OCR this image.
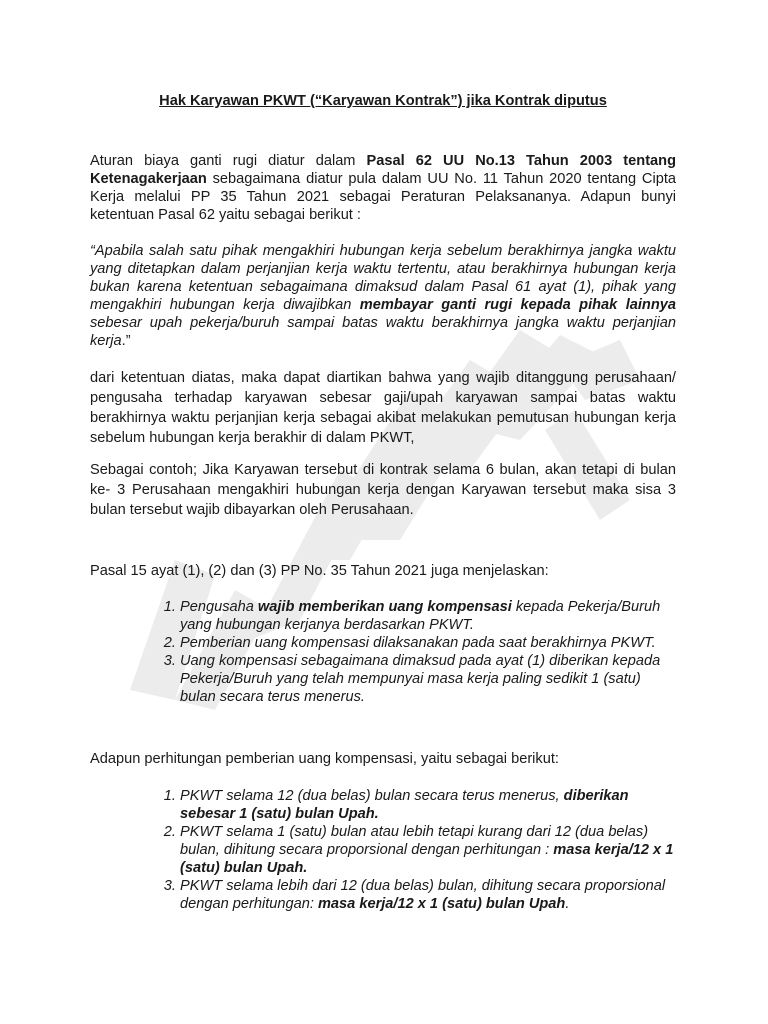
Hak Karyawan PKWT (“Karyawan Kontrak”) jika Kontrak diputus

Aturan biaya ganti rugi diatur dalam Pasal 62 UU No.13 Tahun 2003 tentang Ketenagakerjaan sebagaimana diatur pula dalam UU No. 11 Tahun 2020 tentang Cipta Kerja melalui PP 35 Tahun 2021 sebagai Peraturan Pelaksananya. Adapun bunyi ketentuan Pasal 62 yaitu sebagai berikut :

“Apabila salah satu pihak mengakhiri hubungan kerja sebelum berakhirnya jangka waktu yang ditetapkan dalam perjanjian kerja waktu tertentu, atau berakhirnya hubungan kerja bukan karena ketentuan sebagaimana dimaksud dalam Pasal 61 ayat (1), pihak yang mengakhiri hubungan kerja diwajibkan membayar ganti rugi kepada pihak lainnya sebesar upah pekerja/buruh sampai batas waktu berakhirnya jangka waktu perjanjian kerja.”

dari ketentuan diatas, maka dapat diartikan bahwa yang wajib ditanggung perusahaan/ pengusaha terhadap karyawan sebesar gaji/upah karyawan sampai batas waktu berakhirnya waktu perjanjian kerja sebagai akibat melakukan pemutusan hubungan kerja sebelum hubungan kerja berakhir di dalam PKWT,

Sebagai contoh; Jika Karyawan tersebut di kontrak selama 6 bulan, akan tetapi di bulan ke- 3 Perusahaan mengakhiri hubungan kerja dengan Karyawan tersebut maka sisa 3 bulan tersebut wajib dibayarkan oleh Perusahaan.

Pasal 15 ayat (1), (2) dan (3) PP No. 35 Tahun 2021 juga menjelaskan:

1. Pengusaha wajib memberikan uang kompensasi kepada Pekerja/Buruh yang hubungan kerjanya berdasarkan PKWT.
2. Pemberian uang kompensasi dilaksanakan pada saat berakhirnya PKWT.
3. Uang kompensasi sebagaimana dimaksud pada ayat (1) diberikan kepada Pekerja/Buruh yang telah mempunyai masa kerja paling sedikit 1 (satu) bulan secara terus menerus.

Adapun perhitungan pemberian uang kompensasi, yaitu sebagai berikut:

1. PKWT selama 12 (dua belas) bulan secara terus menerus, diberikan sebesar 1 (satu) bulan Upah.
2. PKWT selama 1 (satu) bulan atau lebih tetapi kurang dari 12 (dua belas) bulan, dihitung secara proporsional dengan perhitungan : masa kerja/12 x 1 (satu) bulan Upah.
3. PKWT selama lebih dari 12 (dua belas) bulan, dihitung secara proporsional dengan perhitungan: masa kerja/12 x 1 (satu) bulan Upah.
